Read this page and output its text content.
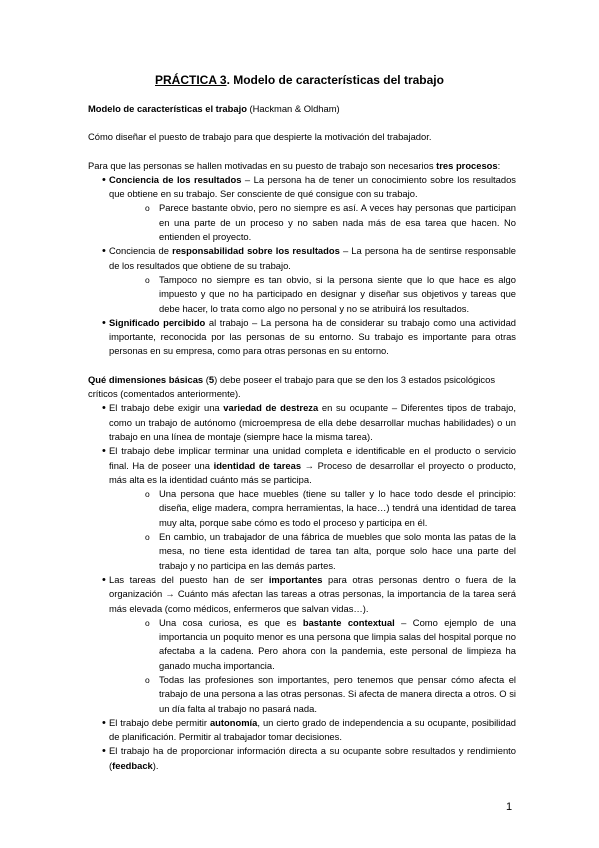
PRÁCTICA 3. Modelo de características del trabajo

Modelo de características el trabajo (Hackman & Oldham)

Cómo diseñar el puesto de trabajo para que despierte la motivación del trabajador.

Para que las personas se hallen motivadas en su puesto de trabajo son necesarios tres procesos:

• Conciencia de los resultados – La persona ha de tener un conocimiento sobre los resultados que obtiene en su trabajo. Ser consciente de qué consigue con su trabajo.
o Parece bastante obvio, pero no siempre es así. A veces hay personas que participan en una parte de un proceso y no saben nada más de esa tarea que hacen. No entienden el proyecto.
• Conciencia de responsabilidad sobre los resultados – La persona ha de sentirse responsable de los resultados que obtiene de su trabajo.
o Tampoco no siempre es tan obvio, si la persona siente que lo que hace es algo impuesto y que no ha participado en designar y diseñar sus objetivos y tareas que debe hacer, lo trata como algo no personal y no se atribuirá los resultados.
• Significado percibido al trabajo – La persona ha de considerar su trabajo como una actividad importante, reconocida por las personas de su entorno. Su trabajo es importante para otras personas en su empresa, como para otras personas en su entorno.

Qué dimensiones básicas (5) debe poseer el trabajo para que se den los 3 estados psicológicos críticos (comentados anteriormente).

• El trabajo debe exigir una variedad de destreza en su ocupante – Diferentes tipos de trabajo, como un trabajo de autónomo (microempresa de ella debe desarrollar muchas habilidades) o un trabajo en una línea de montaje (siempre hace la misma tarea).
• El trabajo debe implicar terminar una unidad completa e identificable en el producto o servicio final. Ha de poseer una identidad de tareas → Proceso de desarrollar el proyecto o producto, más alta es la identidad cuánto más se participa.
o Una persona que hace muebles (tiene su taller y lo hace todo desde el principio: diseña, elige madera, compra herramientas, la hace…) tendrá una identidad de tarea muy alta, porque sabe cómo es todo el proceso y participa en él.
o En cambio, un trabajador de una fábrica de muebles que solo monta las patas de la mesa, no tiene esta identidad de tarea tan alta, porque solo hace una parte del trabajo y no participa en las demás partes.
• Las tareas del puesto han de ser importantes para otras personas dentro o fuera de la organización → Cuánto más afectan las tareas a otras personas, la importancia de la tarea será más elevada (como médicos, enfermeros que salvan vidas…).
o Una cosa curiosa, es que es bastante contextual – Como ejemplo de una importancia un poquito menor es una persona que limpia salas del hospital porque no afectaba a la cadena. Pero ahora con la pandemia, este personal de limpieza ha ganado mucha importancia.
o Todas las profesiones son importantes, pero tenemos que pensar cómo afecta el trabajo de una persona a las otras personas. Si afecta de manera directa a otros. O si un día falta al trabajo no pasará nada.
• El trabajo debe permitir autonomía, un cierto grado de independencia a su ocupante, posibilidad de planificación. Permitir al trabajador tomar decisiones.
• El trabajo ha de proporcionar información directa a su ocupante sobre resultados y rendimiento (feedback).
1
